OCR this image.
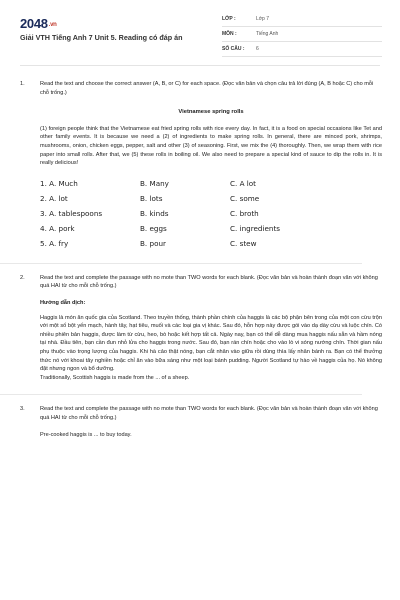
2048.vn
Giải VTH Tiếng Anh 7 Unit 5. Reading có đáp án
LỚP :	Lớp 7
MÔN :	Tiếng Anh
SỐ CÂU :	6
1.	Read the text and choose the correct answer (A, B, or C) for each space. (Đọc văn bản và chọn câu trả lời đúng (A, B hoặc C) cho mỗi chỗ trống.)

Vietnamese spring rolls

(1) foreign people think that the Vietnamese eat fried spring rolls with rice every day. In fact, it is a food on special occasions like Tet and other family events. It is because we need a (2) of ingredients to make spring rolls. In general, there are minced pork, shrimps, mushrooms, onion, chicken eggs, pepper, salt and other (3) of seasoning. First, we mix the (4) thoroughly. Then, we wrap them with rice paper into small rolls. After that, we (5) these rolls in boiling oil. We also need to prepare a special kind of sauce to dip the rolls in. It is really delicious!

1. A. Much	B. Many	C. A lot
2. A. lot	B. lots	C. some
3. A. tablespoons	B. kinds	C. broth
4. A. pork	B. eggs	C. ingredients
5. A. fry	B. pour	C. stew
2.	Read the text and complete the passage with no mote than TWO words for each blank. (Đọc văn bản và hoàn thành đoạn văn với không quá HAI từ cho mỗi chỗ trống.)

Hướng dẫn dịch:

Haggis là món ăn quốc gia của Scotland. Theo truyền thống, thành phần chính của haggis là các bộ phận bên trong của một con cừu trộn với một số bột yến mạch, hành tây, hạt tiêu, muối và các loại gia vị khác. Sau đó, hỗn hợp này được gói vào dạ dày cừu và luộc chín. Có nhiều phiên bản haggis, được làm từ cừu, heo, bò hoặc kết hợp tất cả. Ngày nay, bạn có thể dễ dàng mua haggis nấu sẵn và hầm nóng tại nhà. Đầu tiên, bạn cần đun nhỏ lửa cho haggis trong nước. Sau đó, bạn rán chín hoặc cho vào lò vi sóng nướng chín. Thời gian nấu phụ thuộc vào trọng lượng của haggis. Khi hà cảo thật nóng, bạn cắt nhân vào giữa rồi dùng thìa lấy nhân bánh ra. Bạn có thể thưởng thức nó với khoai tây nghiền hoặc chỉ ăn vào bữa sáng như một loại bánh pudding. Người Scotland tự hào về haggis của họ. Nó không đặt nhưng ngon và bổ dưỡng.

Traditionally, Scottish haggis is made from the ... of a sheep.

3.	Read the text and complete the passage with no mote than TWO words for each blank. (Đọc văn bản và hoàn thành đoạn văn với không quá HAI từ cho mỗi chỗ trống.)

Pre-cooked haggis is ... to buy today.
